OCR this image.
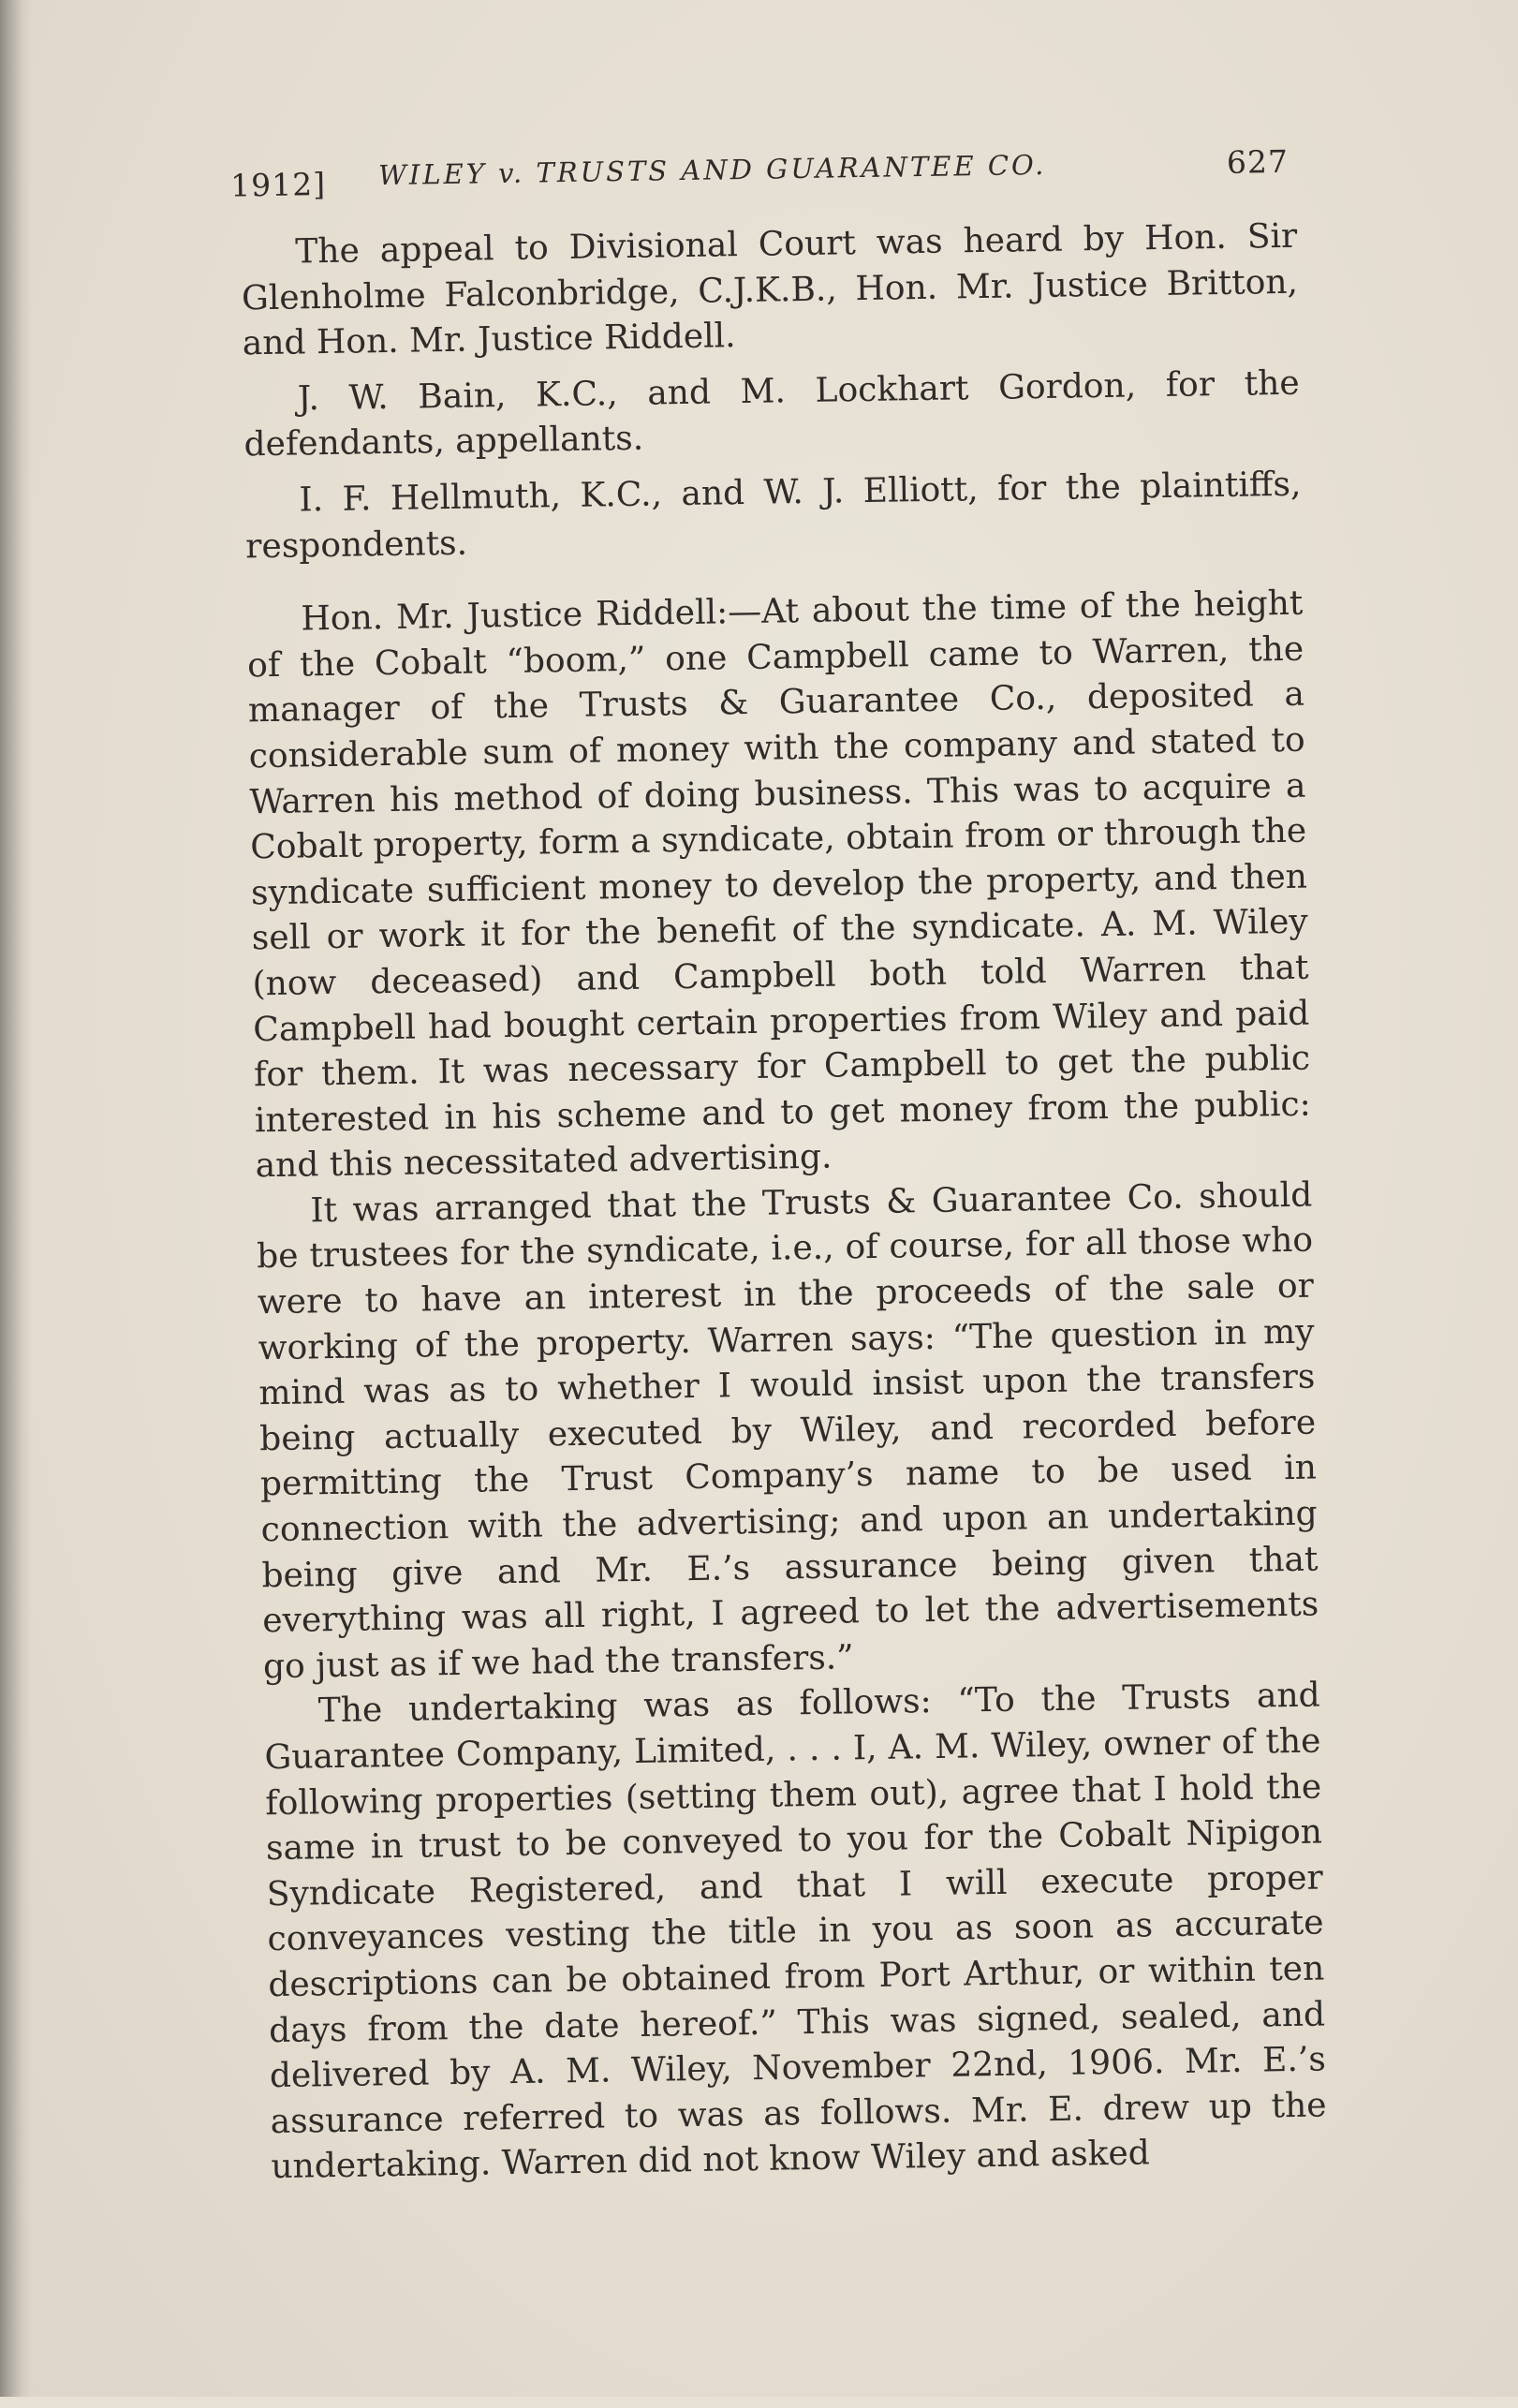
1912] WILEY v. TRUSTS AND GUARANTEE CO.	627

The appeal to Divisional Court was heard by Hon. Sir Glenholme Falconbridge, C.J.K.B., Hon. Mr. Justice Britton, and Hon. Mr. Justice Riddell.

J. W. Bain, K.C., and M. Lockhart Gordon, for the defendants, appellants.

I. F. Hellmuth, K.C., and W. J. Elliott, for the plaintiffs, respondents.

Hon. Mr. Justice Riddell:—At about the time of the height of the Cobalt “boom,” one Campbell came to Warren, the manager of the Trusts & Guarantee Co., deposited a considerable sum of money with the company and stated to Warren his method of doing business. This was to acquire a Cobalt property, form a syndicate, obtain from or through the syndicate sufficient money to develop the property, and then sell or work it for the benefit of the syndicate. A. M. Wiley (now deceased) and Campbell both told Warren that Campbell had bought certain properties from Wiley and paid for them. It was necessary for Campbell to get the public interested in his scheme and to get money from the public: and this necessitated advertising.

It was arranged that the Trusts & Guarantee Co. should be trustees for the syndicate, i.e., of course, for all those who were to have an interest in the proceeds of the sale or working of the property. Warren says: “The question in my mind was as to whether I would insist upon the transfers being actually executed by Wiley, and recorded before permitting the Trust Company’s name to be used in connection with the advertising; and upon an undertaking being give and Mr. E.’s assurance being given that everything was all right, I agreed to let the advertisements go just as if we had the transfers.”

The undertaking was as follows: “To the Trusts and Guarantee Company, Limited, . . . I, A. M. Wiley, owner of the following properties (setting them out), agree that I hold the same in trust to be conveyed to you for the Cobalt Nipigon Syndicate Registered, and that I will execute proper conveyances vesting the title in you as soon as accurate descriptions can be obtained from Port Arthur, or within ten days from the date hereof.” This was signed, sealed, and delivered by A. M. Wiley, November 22nd, 1906. Mr. E.’s assurance referred to was as follows. Mr. E. drew up the undertaking. Warren did not know Wiley and asked
